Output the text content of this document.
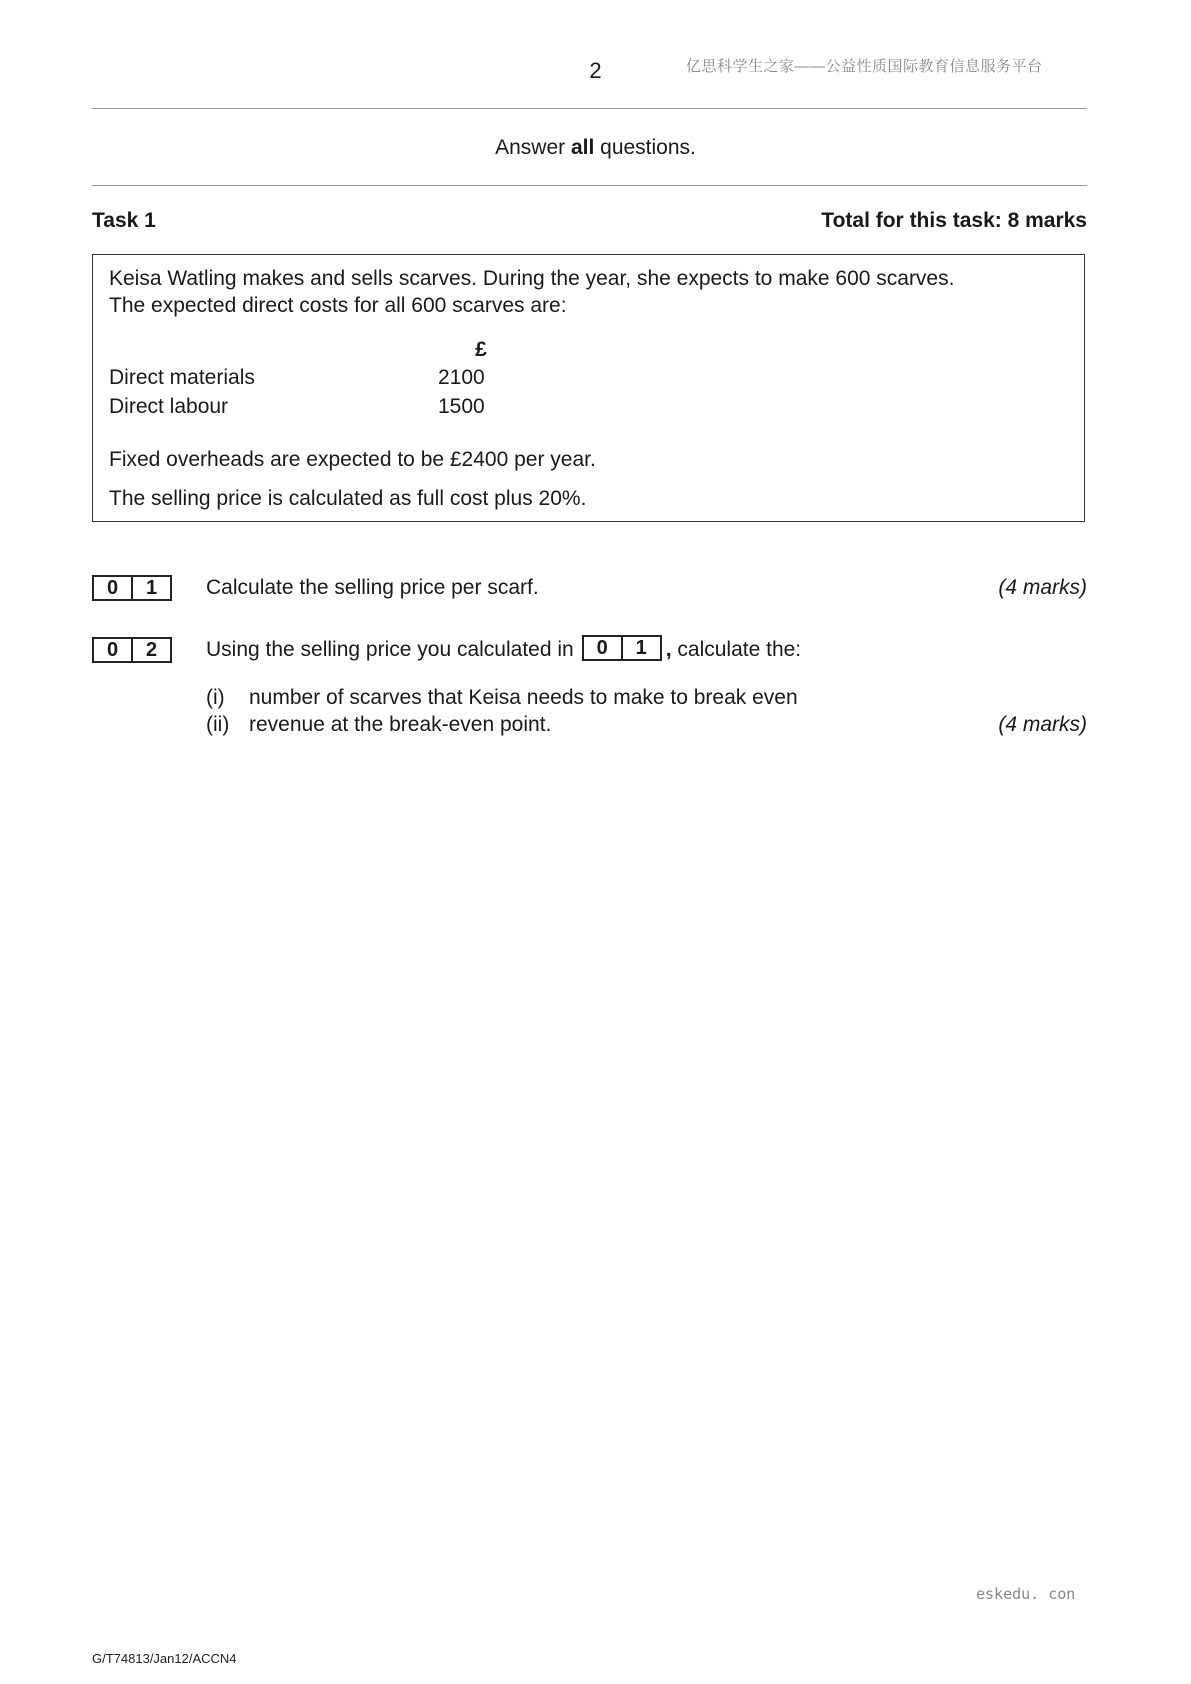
2	亿思科学生之家——公益性质国际教育信息服务平台
Answer all questions.
Task 1	Total for this task: 8 marks
Keisa Watling makes and sells scarves. During the year, she expects to make 600 scarves.
The expected direct costs for all 600 scarves are:
£
Direct materials	2100
Direct labour	1500
Fixed overheads are expected to be £2400 per year.
The selling price is calculated as full cost plus 20%.
0	1	Calculate the selling price per scarf.	(4 marks)
0	2	Using the selling price you calculated in	0	1 , calculate the:
(i) number of scarves that Keisa needs to make to break even
(ii) revenue at the break-even point.	(4 marks)
eskedu. con
G/T74813/Jan12/ACCN4
